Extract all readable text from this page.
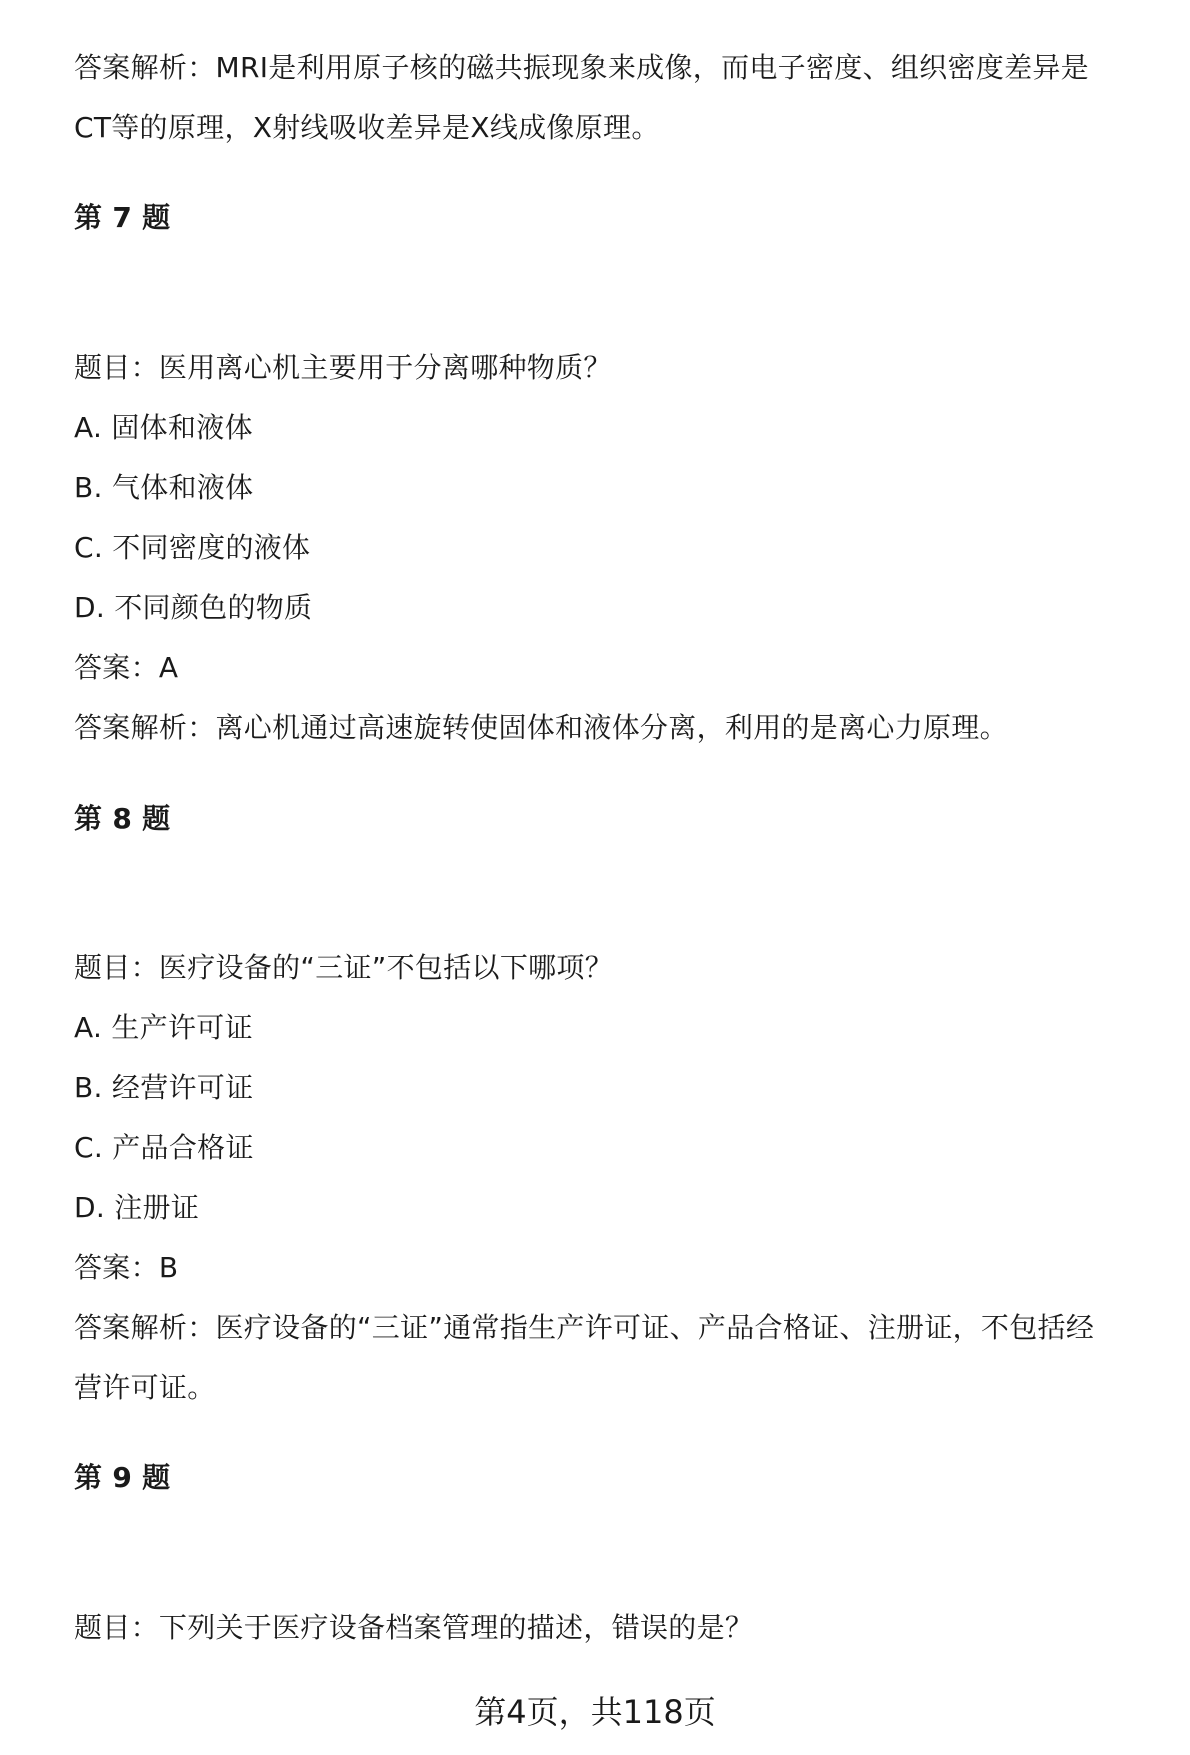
答案解析：MRI是利用原子核的磁共振现象来成像，而电子密度、组织密度差异是
CT等的原理，X射线吸收差异是X线成像原理。
第 7 题
题目：医用离心机主要用于分离哪种物质？
A. 固体和液体
B. 气体和液体
C. 不同密度的液体
D. 不同颜色的物质
答案：A
答案解析：离心机通过高速旋转使固体和液体分离，利用的是离心力原理。
第 8 题
题目：医疗设备的“三证”不包括以下哪项？
A. 生产许可证
B. 经营许可证
C. 产品合格证
D. 注册证
答案：B
答案解析：医疗设备的“三证”通常指生产许可证、产品合格证、注册证，不包括经
营许可证。
第 9 题
题目：下列关于医疗设备档案管理的描述，错误的是？
第4页，共118页
